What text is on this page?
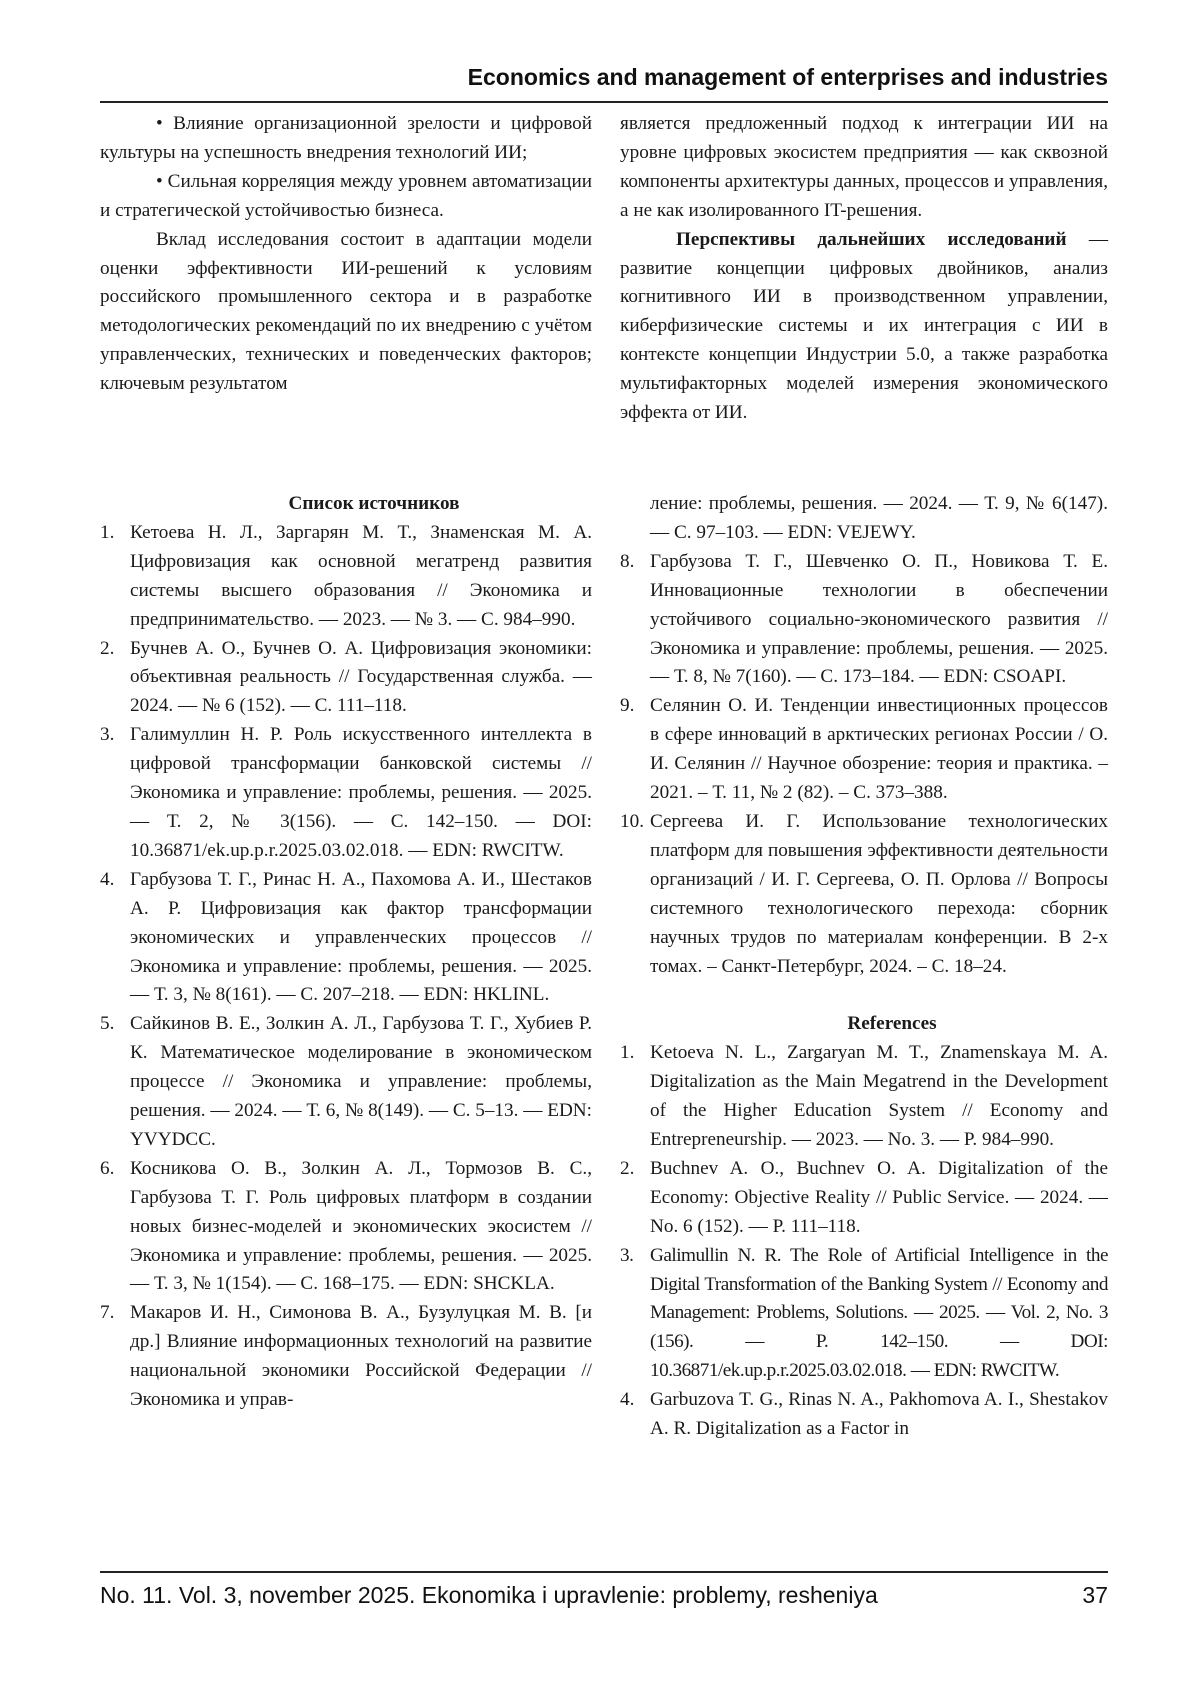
Economics and management of enterprises and industries

• Влияние организационной зрелости и цифровой культуры на успешность внедрения технологий ИИ;

• Сильная корреляция между уровнем автоматизации и стратегической устойчивостью бизнеса.

Вклад исследования состоит в адаптации модели оценки эффективности ИИ-решений к условиям российского промышленного сектора и в разработке методологических рекомендаций по их внедрению с учётом управленческих, технических и поведенческих факторов; ключевым результатом

является предложенный подход к интеграции ИИ на уровне цифровых экосистем предприятия — как сквозной компоненты архитектуры данных, процессов и управления, а не как изолированного IT-решения.

Перспективы дальнейших исследований — развитие концепции цифровых двойников, анализ когнитивного ИИ в производственном управлении, киберфизические системы и их интеграция с ИИ в контексте концепции Индустрии 5.0, а также разработка мультифакторных моделей измерения экономического эффекта от ИИ.

Список источников

1. Кетоева Н. Л., Заргарян М. Т., Знаменская М. А. Цифровизация как основной мегатренд развития системы высшего образования // Экономика и предпринимательство. — 2023. — № 3. — С. 984–990.
2. Бучнев А. О., Бучнев О. А. Цифровизация экономики: объективная реальность // Государственная служба. — 2024. — № 6 (152). — С. 111–118.
3. Галимуллин Н. Р. Роль искусственного интеллекта в цифровой трансформации банковской системы // Экономика и управление: проблемы, решения. — 2025. — Т. 2, № 3(156). — С. 142–150. — DOI: 10.36871/ek.up.p.r.2025.03.02.018. — EDN: RWCITW.
4. Гарбузова Т. Г., Ринас Н. А., Пахомова А. И., Шестаков А. Р. Цифровизация как фактор трансформации экономических и управленческих процессов // Экономика и управление: проблемы, решения. — 2025. — Т. 3, № 8(161). — С. 207–218. — EDN: HKLINL.
5. Сайкинов В. Е., Золкин А. Л., Гарбузова Т. Г., Хубиев Р. К. Математическое моделирование в экономическом процессе // Экономика и управление: проблемы, решения. — 2024. — Т. 6, № 8(149). — С. 5–13. — EDN: YVYDCC.
6. Косникова О. В., Золкин А. Л., Тормозов В. С., Гарбузова Т. Г. Роль цифровых платформ в создании новых бизнес-моделей и экономических экосистем // Экономика и управление: проблемы, решения. — 2025. — Т. 3, № 1(154). — С. 168–175. — EDN: SHCKLA.
7. Макаров И. Н., Симонова В. А., Бузулуцкая М. В. [и др.] Влияние информационных технологий на развитие национальной экономики Российской Федерации // Экономика и управ-
ление: проблемы, решения. — 2024. — Т. 9, № 6(147). — С. 97–103. — EDN: VEJEWY.
8. Гарбузова Т. Г., Шевченко О. П., Новикова Т. Е. Инновационные технологии в обеспечении устойчивого социально-экономического развития // Экономика и управление: проблемы, решения. — 2025. — Т. 8, № 7(160). — С. 173–184. — EDN: CSOAPI.
9. Селянин О. И. Тенденции инвестиционных процессов в сфере инноваций в арктических регионах России / О. И. Селянин // Научное обозрение: теория и практика. – 2021. – Т. 11, № 2 (82). – С. 373–388.
10. Сергеева И. Г. Использование технологических платформ для повышения эффективности деятельности организаций / И. Г. Сергеева, О. П. Орлова // Вопросы системного технологического перехода: сборник научных трудов по материалам конференции. В 2-х томах. – Санкт-Петербург, 2024. – С. 18–24.

References

1. Ketoeva N. L., Zargaryan M. T., Znamenskaya M. A. Digitalization as the Main Megatrend in the Development of the Higher Education System // Economy and Entrepreneurship. — 2023. — No. 3. — P. 984–990.
2. Buchnev A. O., Buchnev O. A. Digitalization of the Economy: Objective Reality // Public Service. — 2024. — No. 6 (152). — P. 111–118.
3. Galimullin N. R. The Role of Artificial Intelligence in the Digital Transformation of the Banking System // Economy and Management: Problems, Solutions. — 2025. — Vol. 2, No. 3 (156). — P. 142–150. — DOI: 10.36871/ek.up.p.r.2025.03.02.018. — EDN: RWCITW.
4. Garbuzova T. G., Rinas N. A., Pakhomova A. I., Shestakov A. R. Digitalization as a Factor in
No. 11. Vol. 3, november 2025. Ekonomika i upravlenie: problemy, resheniya	37
